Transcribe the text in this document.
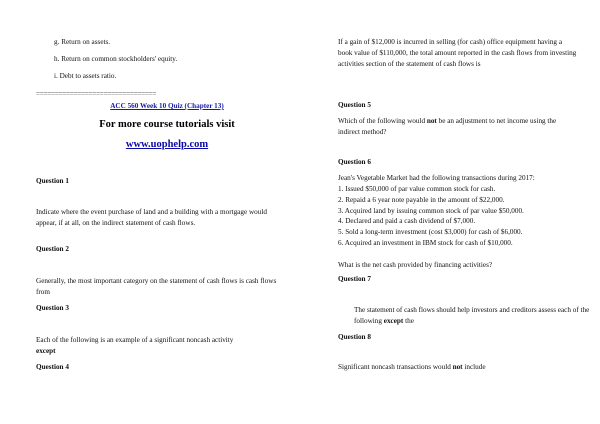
g. Return on assets.

h. Return on common stockholders' equity.

i. Debt to assets ratio.

================================

ACC 560 Week 10 Quiz (Chapter 13)

For more course tutorials visit

www.uophelp.com

Question 1

Indicate where the event purchase of land and a building with a mortgage would appear, if at all, on the indirect statement of cash flows.

Question 2

Generally, the most important category on the statement of cash flows is cash flows from

Question 3

Each of the following is an example of a significant noncash activity
except

Question 4

If a gain of $12,000 is incurred in selling (for cash) office equipment having a book value of $110,000, the total amount reported in the cash flows from investing activities section of the statement of cash flows is

Question 5

Which of the following would not be an adjustment to net income using the indirect method?

Question 6

Jean's Vegetable Market had the following transactions during 2017:

1. Issued $50,000 of par value common stock for cash.
2. Repaid a 6 year note payable in the amount of $22,000.
3. Acquired land by issuing common stock of par value $50,000.
4. Declared and paid a cash dividend of $7,000.
5. Sold a long-term investment (cost $3,000) for cash of $6,000.
6. Acquired an investment in IBM stock for cash of $10,000.

What is the net cash provided by financing activities?

Question 7

The statement of cash flows should help investors and creditors assess each of the following except the

Question 8

Significant noncash transactions would not include
